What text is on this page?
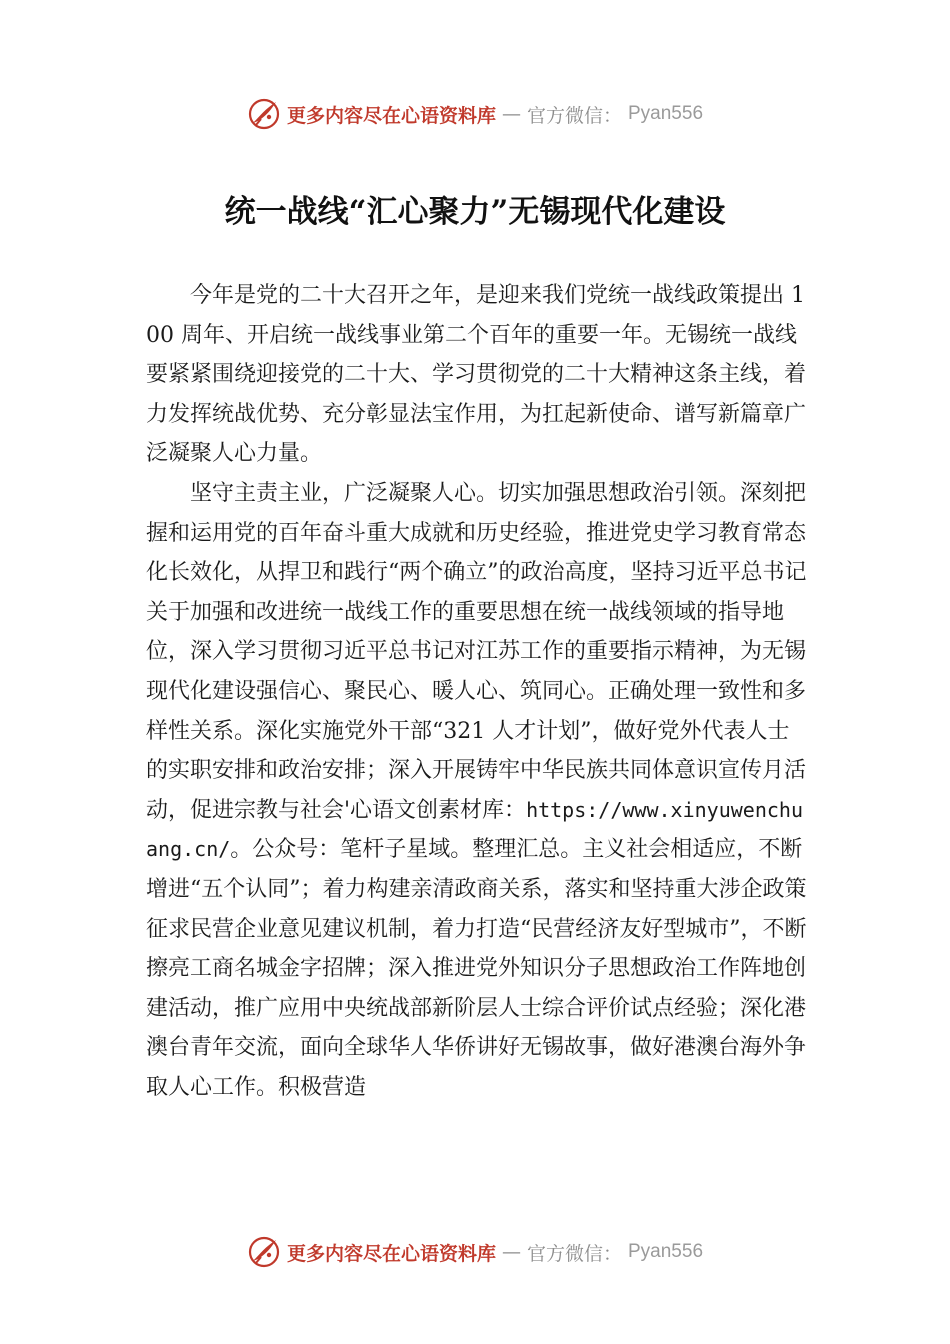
更多内容尽在心语资料库 — 官方微信： Pyan556
统一战线“汇心聚力”无锡现代化建设

今年是党的二十大召开之年，是迎来我们党统一战线政策提出 100 周年、开启统一战线事业第二个百年的重要一年。无锡统一战线要紧紧围绕迎接党的二十大、学习贯彻党的二十大精神这条主线，着力发挥统战优势、充分彰显法宝作用，为扛起新使命、谱写新篇章广泛凝聚人心力量。

坚守主责主业，广泛凝聚人心。切实加强思想政治引领。深刻把握和运用党的百年奋斗重大成就和历史经验，推进党史学习教育常态化长效化，从捍卫和践行“两个确立”的政治高度，坚持习近平总书记关于加强和改进统一战线工作的重要思想在统一战线领域的指导地位，深入学习贯彻习近平总书记对江苏工作的重要指示精神，为无锡现代化建设强信心、聚民心、暖人心、筑同心。正确处理一致性和多样性关系。深化实施党外干部“321 人才计划”，做好党外代表人士的实职安排和政治安排；深入开展铸牢中华民族共同体意识宣传月活动，促进宗教与社会'心语文创素材库：https://www.xinyuwenchuang.cn/。公众号：笔杆子星域。整理汇总。主义社会相适应，不断增进“五个认同”；着力构建亲清政商关系，落实和坚持重大涉企政策征求民营企业意见建议机制，着力打造“民营经济友好型城市”，不断擦亮工商名城金字招牌；深入推进党外知识分子思想政治工作阵地创建活动，推广应用中央统战部新阶层人士综合评价试点经验；深化港澳台青年交流，面向全球华人华侨讲好无锡故事，做好港澳台海外争取人心工作。积极营造

更多内容尽在心语资料库 — 官方微信： Pyan556
